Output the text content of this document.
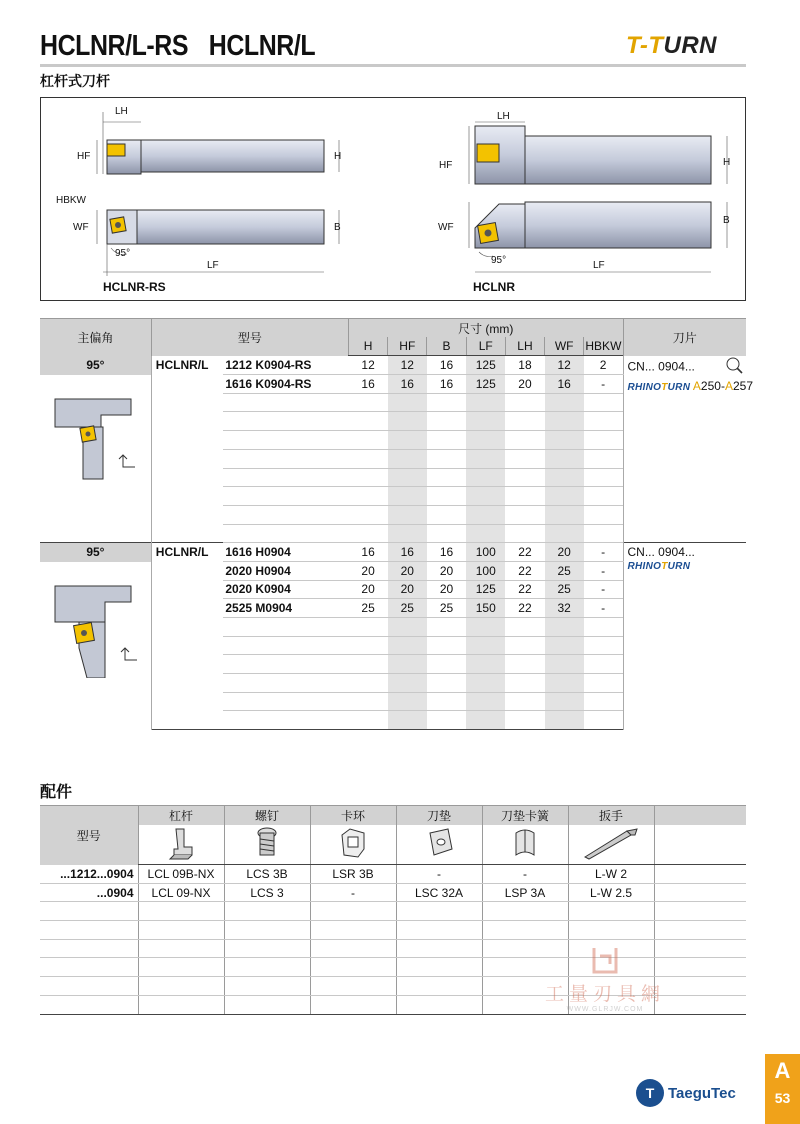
HCLNR/L-RS HCLNR/L	T-TURN
杠杆式刀杆
LH
HF	H
HBKW
WF	B
95°
LF
HCLNR-RS
LH
HF	H
WF
B
95°	LF
HCLNR
主偏角	型号		尺寸 (mm)							刀片
			H	HF	B	LF	LH	WF	HBKW	

95°	HCLNR/L	1212 K0904-RS	12	12	16	125	18	12	2	CN... 0904...
RHINOTURN A250-A257

		1616 K0904-RS	16	16	16	125	20	16	-	

95°	HCLNR/L	1616 H0904	16	16	16	100	22	20	-	CN... 0904...
RHINOTURN

		2020 H0904	20	20	20	100	22	25	-	
		2020 K0904	20	20	20	125	22	25	-	
		2525 M0904	25	25	25	150	22	32	-	

配件
型号	杠杆	螺钉	卡环	刀垫	刀垫卡簧	扳手	

...1212...0904	LCL 09B-NX	LCS 3B	LSR 3B	-	-	L-W 2	
...0904	LCL 09-NX	LCS 3	-	LSC 32A	LSP 3A	L-W 2.5	

工量刃具網
WWW.GLRJW.COM
T TaeguTec
A
53
